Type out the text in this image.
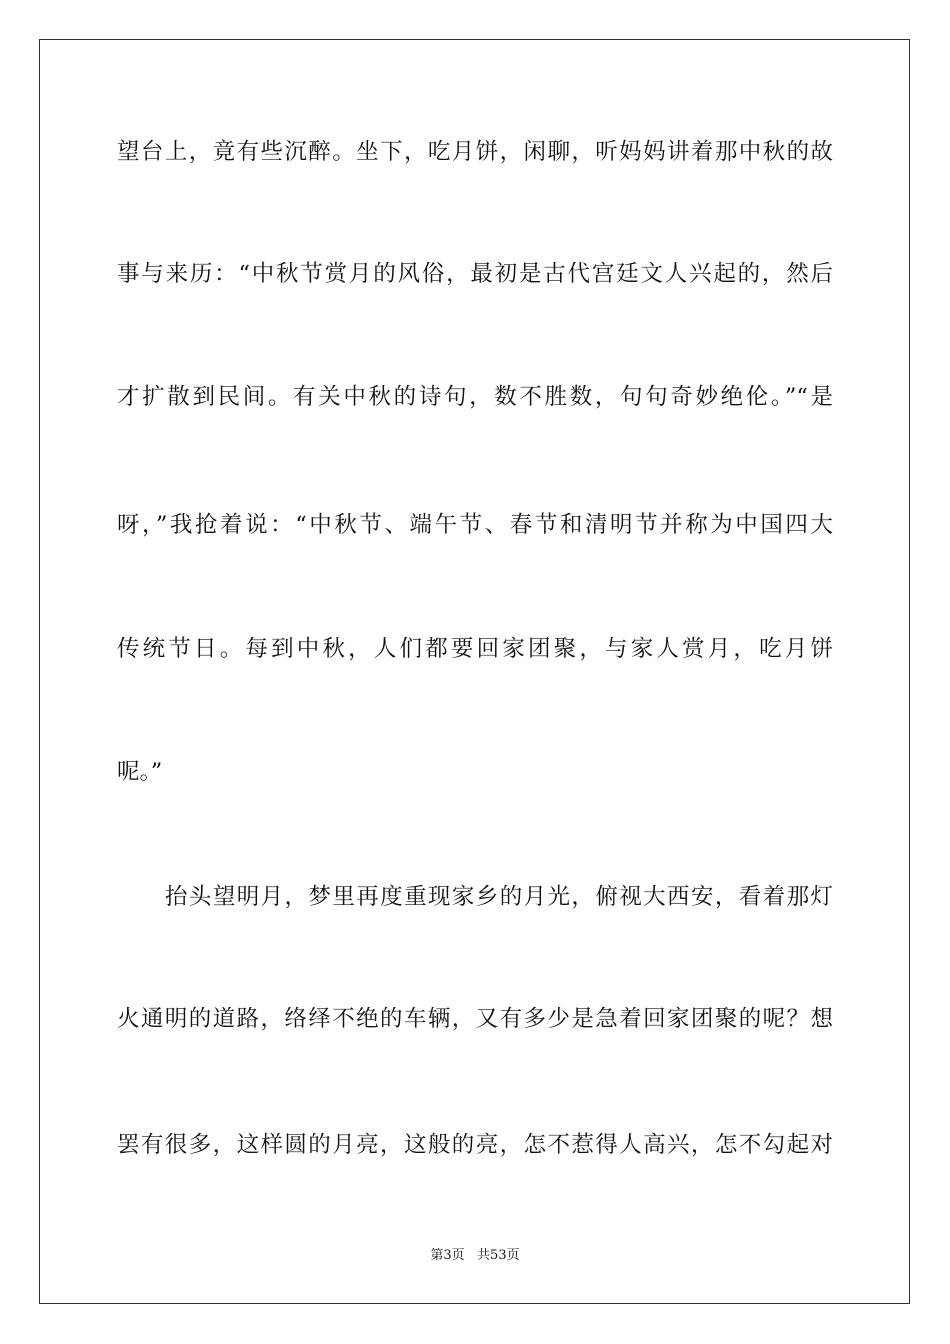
望台上，竟有些沉醉。坐下，吃月饼，闲聊，听妈妈讲着那中秋的故
事与来历：“中秋节赏月的风俗，最初是古代宫廷文人兴起的，然后
才扩散到民间。有关中秋的诗句，数不胜数，句句奇妙绝伦。”“是
呀，”我抢着说：“中秋节、端午节、春节和清明节并称为中国四大
传统节日。每到中秋，人们都要回家团聚，与家人赏月，吃月饼
呢。”
抬头望明月，梦里再度重现家乡的月光，俯视大西安，看着那灯
火通明的道路，络绎不绝的车辆，又有多少是急着回家团聚的呢？想
罢有很多，这样圆的月亮，这般的亮，怎不惹得人高兴，怎不勾起对
第3页   共53页
